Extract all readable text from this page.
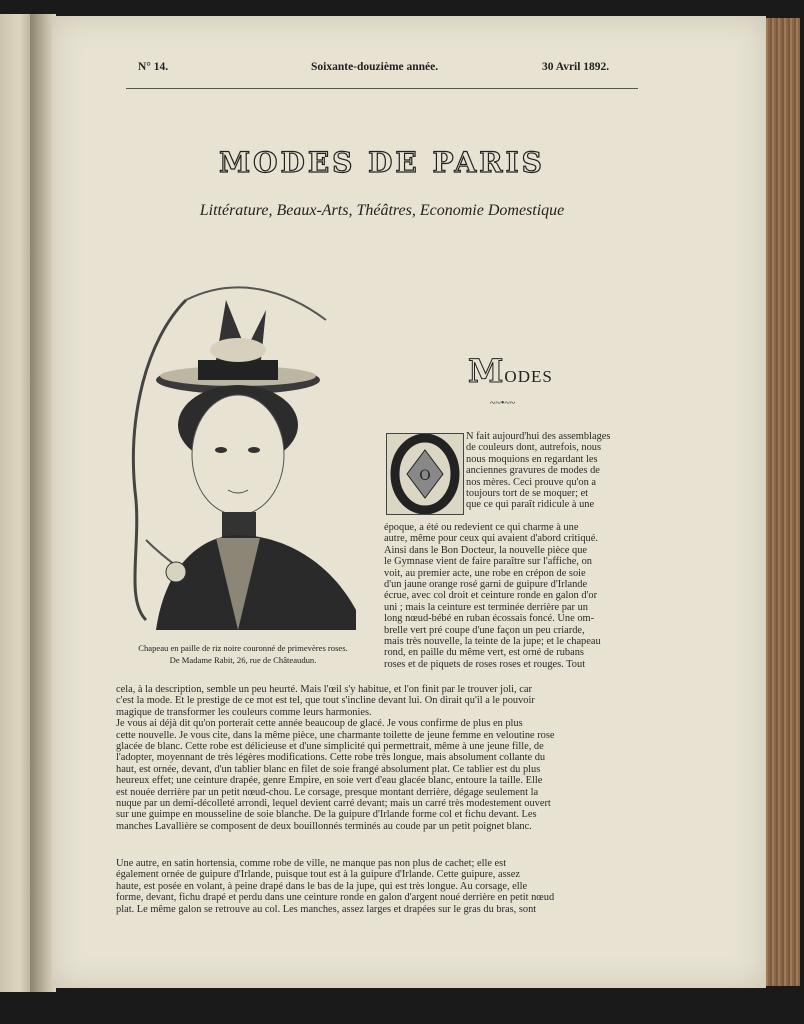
N° 14.	Soixante-douzième année.	30 Avril 1892.
MODES DE PARIS
Littérature, Beaux-Arts, Théâtres, Economie Domestique
Chapeau en paille de riz noire couronné de primevères roses.
De Madame Rabit, 26, rue de Châteaudun.
MODES
~~•~~
O
N fait aujourd'hui des assemblages
de couleurs dont, autrefois, nous
nous moquions en regardant les
anciennes gravures de modes de
nos mères. Ceci prouve qu'on a
toujours tort de se moquer; et
que ce qui paraît ridicule à une
époque, a été ou redevient ce qui charme à une
autre, même pour ceux qui avaient d'abord critiqué.
Ainsi dans le Bon Docteur, la nouvelle pièce que
le Gymnase vient de faire paraître sur l'affiche, on
voit, au premier acte, une robe en crépon de soie
d'un jaune orange rosé garni de guipure d'Irlande
écrue, avec col droit et ceinture ronde en galon d'or
uni ; mais la ceinture est terminée derrière par un
long nœud-bébé en ruban écossais foncé. Une om-
brelle vert pré coupe d'une façon un peu criarde,
mais très nouvelle, la teinte de la jupe; et le chapeau
rond, en paille du même vert, est orné de rubans
roses et de piquets de roses roses et rouges. Tout
cela, à la description, semble un peu heurté. Mais l'œil s'y habitue, et l'on finit par le trouver joli, car
c'est la mode. Et le prestige de ce mot est tel, que tout s'incline devant lui. On dirait qu'il a le pouvoir
magique de transformer les couleurs comme leurs harmonies.
Je vous ai déjà dit qu'on porterait cette année beaucoup de glacé. Je vous confirme de plus en plus
cette nouvelle. Je vous cite, dans la même pièce, une charmante toilette de jeune femme en veloutine rose
glacée de blanc. Cette robe est délicieuse et d'une simplicité qui permettrait, même à une jeune fille, de
l'adopter, moyennant de très légères modifications. Cette robe très longue, mais absolument collante du
haut, est ornée, devant, d'un tablier blanc en filet de soie frangé absolument plat. Ce tablier est du plus
heureux effet; une ceinture drapée, genre Empire, en soie vert d'eau glacée blanc, entoure la taille. Elle
est nouée derrière par un petit nœud-chou. Le corsage, presque montant derrière, dégage seulement la
nuque par un demi-décolleté arrondi, lequel devient carré devant; mais un carré très modestement ouvert
sur une guimpe en mousseline de soie blanche. De la guipure d'Irlande forme col et fichu devant. Les
manches Lavallière se composent de deux bouillonnés terminés au coude par un petit poignet blanc.
Une autre, en satin hortensia, comme robe de ville, ne manque pas non plus de cachet; elle est
également ornée de guipure d'Irlande, puisque tout est à la guipure d'Irlande. Cette guipure, assez
haute, est posée en volant, à peine drapé dans le bas de la jupe, qui est très longue. Au corsage, elle
forme, devant, fichu drapé et perdu dans une ceinture ronde en galon d'argent noué derrière en petit nœud
plat. Le même galon se retrouve au col. Les manches, assez larges et drapées sur le gras du bras, sont
